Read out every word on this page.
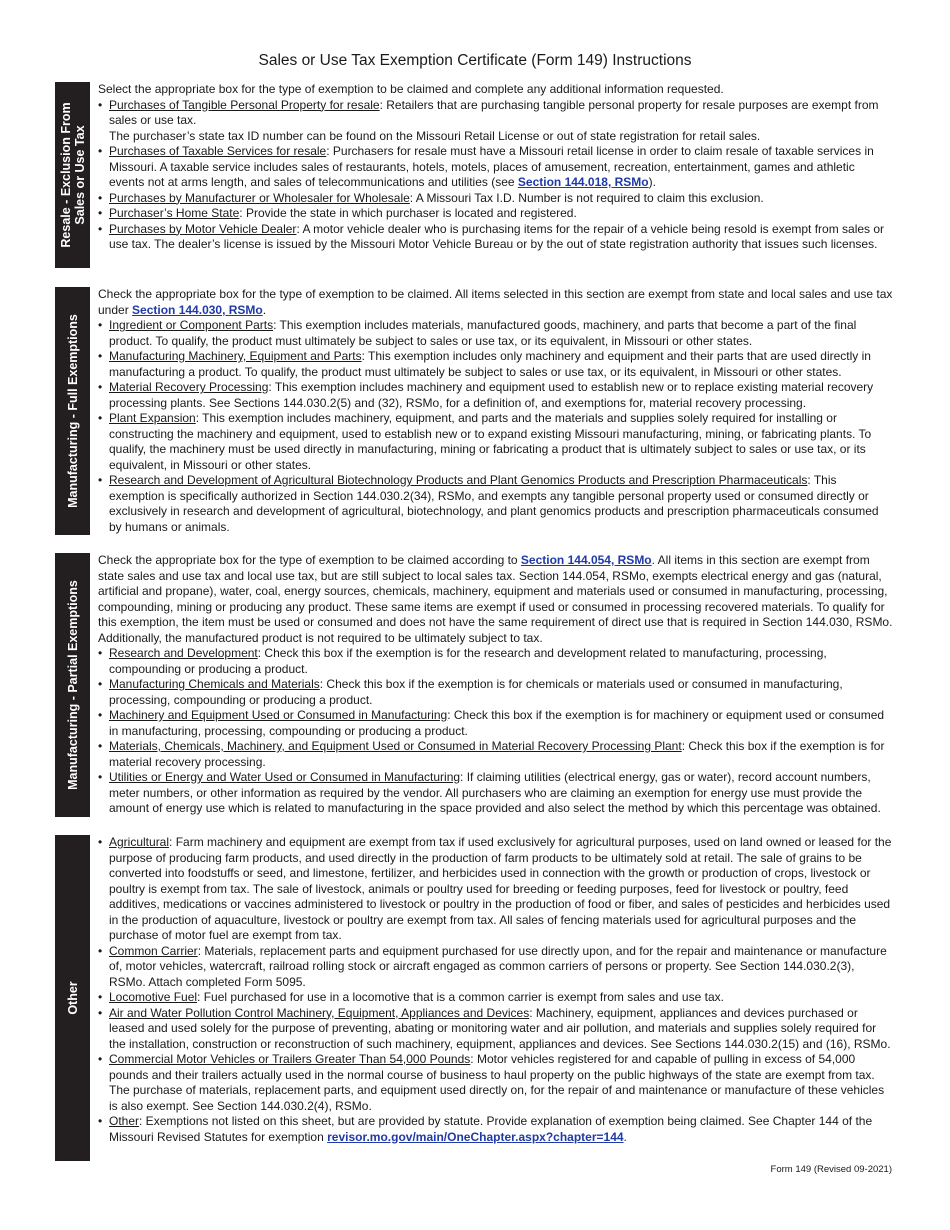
Sales or Use Tax Exemption Certificate (Form 149) Instructions
Resale - Exclusion From Sales or Use Tax

Select the appropriate box for the type of exemption to be claimed and complete any additional information requested.

• Purchases of Tangible Personal Property for resale: Retailers that are purchasing tangible personal property for resale purposes are exempt from sales or use tax.
The purchaser’s state tax ID number can be found on the Missouri Retail License or out of state registration for retail sales.
• Purchases of Taxable Services for resale: Purchasers for resale must have a Missouri retail license in order to claim resale of taxable services in Missouri. A taxable service includes sales of restaurants, hotels, motels, places of amusement, recreation, entertainment, games and athletic events not at arms length, and sales of telecommunications and utilities (see Section 144.018, RSMo).
• Purchases by Manufacturer or Wholesaler for Wholesale: A Missouri Tax I.D. Number is not required to claim this exclusion.
• Purchaser’s Home State: Provide the state in which purchaser is located and registered.
• Purchases by Motor Vehicle Dealer: A motor vehicle dealer who is purchasing items for the repair of a vehicle being resold is exempt from sales or use tax. The dealer’s license is issued by the Missouri Motor Vehicle Bureau or by the out of state registration authority that issues such licenses.
Manufacturing - Full Exemptions

Check the appropriate box for the type of exemption to be claimed. All items selected in this section are exempt from state and local sales and use tax under Section 144.030, RSMo.

• Ingredient or Component Parts: This exemption includes materials, manufactured goods, machinery, and parts that become a part of the final product. To qualify, the product must ultimately be subject to sales or use tax, or its equivalent, in Missouri or other states.
• Manufacturing Machinery, Equipment and Parts: This exemption includes only machinery and equipment and their parts that are used directly in manufacturing a product. To qualify, the product must ultimately be subject to sales or use tax, or its equivalent, in Missouri or other states.
• Material Recovery Processing: This exemption includes machinery and equipment used to establish new or to replace existing material recovery processing plants. See Sections 144.030.2(5) and (32), RSMo, for a definition of, and exemptions for, material recovery processing.
• Plant Expansion: This exemption includes machinery, equipment, and parts and the materials and supplies solely required for installing or constructing the machinery and equipment, used to establish new or to expand existing Missouri manufacturing, mining, or fabricating plants. To qualify, the machinery must be used directly in manufacturing, mining or fabricating a product that is ultimately subject to sales or use tax, or its equivalent, in Missouri or other states.
• Research and Development of Agricultural Biotechnology Products and Plant Genomics Products and Prescription Pharmaceuticals: This exemption is specifically authorized in Section 144.030.2(34), RSMo, and exempts any tangible personal property used or consumed directly or exclusively in research and development of agricultural, biotechnology, and plant genomics products and prescription pharmaceuticals consumed by humans or animals.
Manufacturing - Partial Exemptions

Check the appropriate box for the type of exemption to be claimed according to Section 144.054, RSMo. All items in this section are exempt from state sales and use tax and local use tax, but are still subject to local sales tax. Section 144.054, RSMo, exempts electrical energy and gas (natural, artificial and propane), water, coal, energy sources, chemicals, machinery, equipment and materials used or consumed in manufacturing, processing, compounding, mining or producing any product. These same items are exempt if used or consumed in processing recovered materials. To qualify for this exemption, the item must be used or consumed and does not have the same requirement of direct use that is required in Section 144.030, RSMo. Additionally, the manufactured product is not required to be ultimately subject to tax.

• Research and Development: Check this box if the exemption is for the research and development related to manufacturing, processing, compounding or producing a product.
• Manufacturing Chemicals and Materials: Check this box if the exemption is for chemicals or materials used or consumed in manufacturing, processing, compounding or producing a product.
• Machinery and Equipment Used or Consumed in Manufacturing: Check this box if the exemption is for machinery or equipment used or consumed in manufacturing, processing, compounding or producing a product.
• Materials, Chemicals, Machinery, and Equipment Used or Consumed in Material Recovery Processing Plant: Check this box if the exemption is for material recovery processing.
• Utilities or Energy and Water Used or Consumed in Manufacturing: If claiming utilities (electrical energy, gas or water), record account numbers, meter numbers, or other information as required by the vendor. All purchasers who are claiming an exemption for energy use must provide the amount of energy use which is related to manufacturing in the space provided and also select the method by which this percentage was obtained.
Other
• Agricultural: Farm machinery and equipment are exempt from tax if used exclusively for agricultural purposes, used on land owned or leased for the purpose of producing farm products, and used directly in the production of farm products to be ultimately sold at retail. The sale of grains to be converted into foodstuffs or seed, and limestone, fertilizer, and herbicides used in connection with the growth or production of crops, livestock or poultry is exempt from tax. The sale of livestock, animals or poultry used for breeding or feeding purposes, feed for livestock or poultry, feed additives, medications or vaccines administered to livestock or poultry in the production of food or fiber, and sales of pesticides and herbicides used in the production of aquaculture, livestock or poultry are exempt from tax. All sales of fencing materials used for agricultural purposes and the purchase of motor fuel are exempt from tax.
• Common Carrier: Materials, replacement parts and equipment purchased for use directly upon, and for the repair and maintenance or manufacture of, motor vehicles, watercraft, railroad rolling stock or aircraft engaged as common carriers of persons or property. See Section 144.030.2(3), RSMo. Attach completed Form 5095.
• Locomotive Fuel: Fuel purchased for use in a locomotive that is a common carrier is exempt from sales and use tax.
• Air and Water Pollution Control Machinery, Equipment, Appliances and Devices: Machinery, equipment, appliances and devices purchased or leased and used solely for the purpose of preventing, abating or monitoring water and air pollution, and materials and supplies solely required for the installation, construction or reconstruction of such machinery, equipment, appliances and devices. See Sections 144.030.2(15) and (16), RSMo.
• Commercial Motor Vehicles or Trailers Greater Than 54,000 Pounds: Motor vehicles registered for and capable of pulling in excess of 54,000 pounds and their trailers actually used in the normal course of business to haul property on the public highways of the state are exempt from tax. The purchase of materials, replacement parts, and equipment used directly on, for the repair of and maintenance or manufacture of these vehicles is also exempt. See Section 144.030.2(4), RSMo.
• Other: Exemptions not listed on this sheet, but are provided by statute. Provide explanation of exemption being claimed. See Chapter 144 of the Missouri Revised Statutes for exemption revisor.mo.gov/main/OneChapter.aspx?chapter=144.
Form 149 (Revised 09-2021)
